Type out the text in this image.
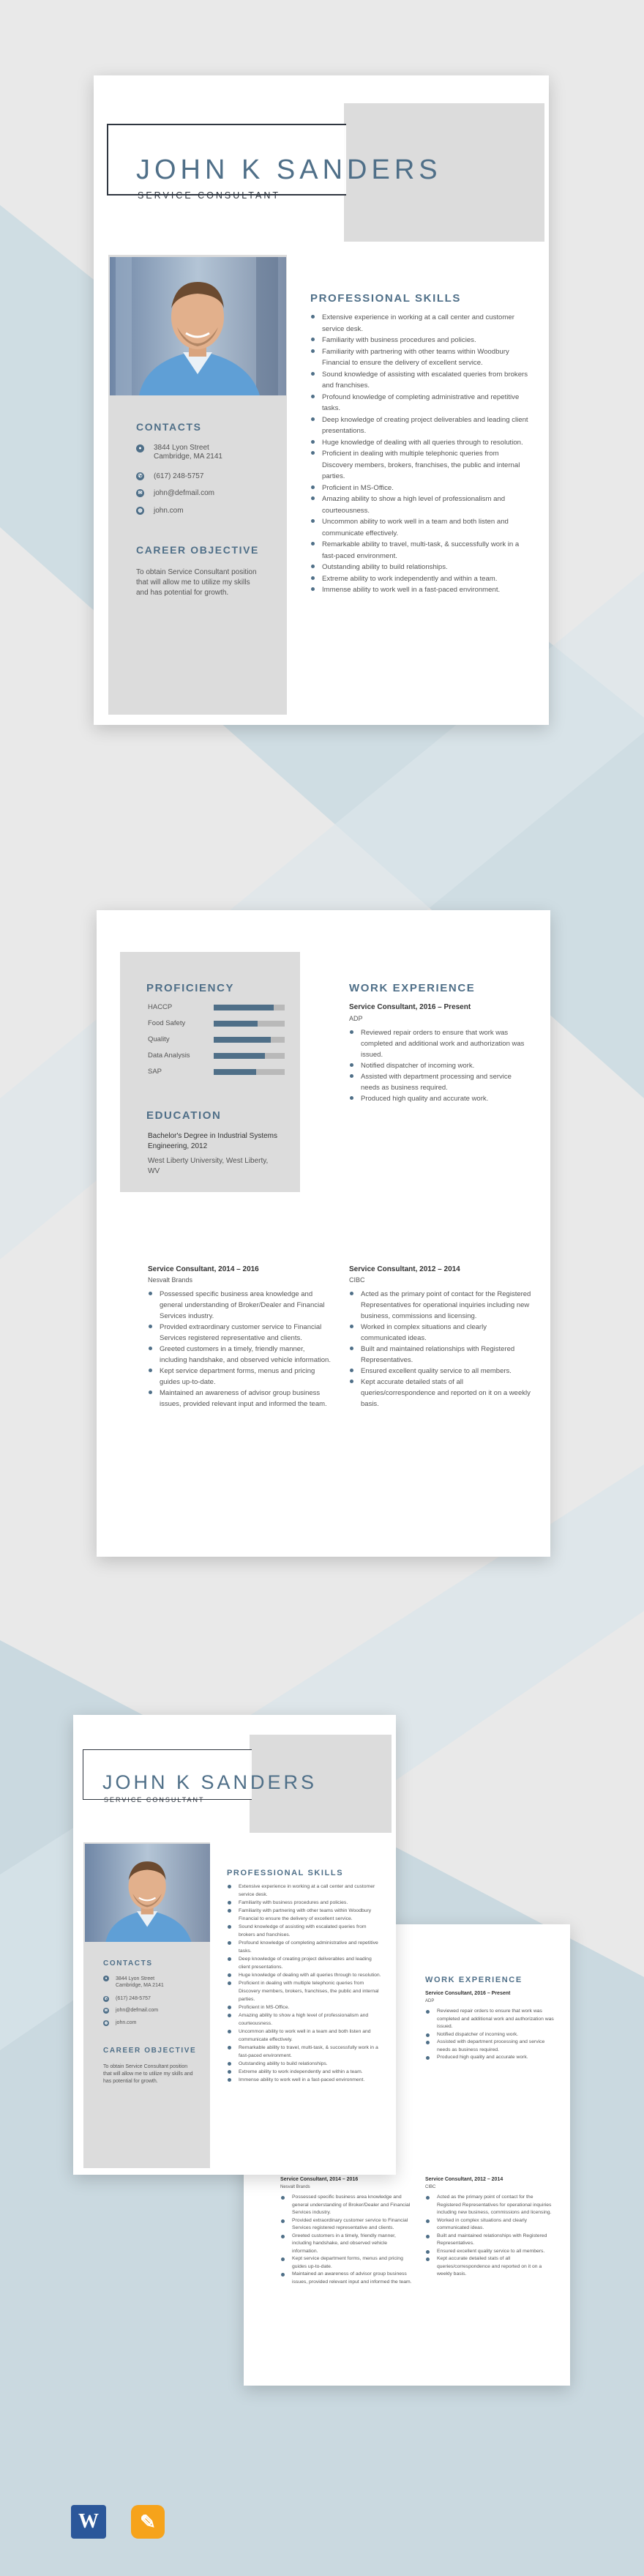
JOHN K SANDERS
SERVICE CONSULTANT
CONTACTS
●	3844 Lyon Street
Cambridge, MA 2141
✆ (617) 248-5757
✉ john@defmail.com
◍ john.com
CAREER OBJECTIVE
To obtain Service Consultant position that will allow me to utilize my skills and has potential for growth.
PROFESSIONAL SKILLS
Extensive experience in working at a call center and customer service desk.
Familiarity with business procedures and policies.
Familiarity with partnering with other teams within Woodbury Financial to ensure the delivery of excellent service.
Sound knowledge of assisting with escalated queries from brokers and franchises.
Profound knowledge of completing administrative and repetitive tasks.
Deep knowledge of creating project deliverables and leading client presentations.
Huge knowledge of dealing with all queries through to resolution.
Proficient in dealing with multiple telephonic queries from Discovery members, brokers, franchises, the public and internal parties.
Proficient in MS-Office.
Amazing ability to show a high level of professionalism and courteousness.
Uncommon ability to work well in a team and both listen and communicate effectively.
Remarkable ability to travel, multi-task, & successfully work in a fast-paced environment.
Outstanding ability to build relationships.
Extreme ability to work independently and within a team.
Immense ability to work well in a fast-paced environment.
PROFICIENCY
HACCP
Food Safety
Quality
Data Analysis
SAP
EDUCATION
Bachelor's Degree in Industrial Systems Engineering, 2012
West Liberty University, West Liberty, WV
WORK EXPERIENCE
Service Consultant, 2016 – Present
ADP
Reviewed repair orders to ensure that work was completed and additional work and authorization was issued.
Notified dispatcher of incoming work.
Assisted with department processing and service needs as business required.
Produced high quality and accurate work.
Service Consultant, 2014 – 2016
Nesvalt Brands
Possessed specific business area knowledge and general understanding of Broker/Dealer and Financial Services industry.
Provided extraordinary customer service to Financial Services registered representative and clients.
Greeted customers in a timely, friendly manner, including handshake, and observed vehicle information.
Kept service department forms, menus and pricing guides up-to-date.
Maintained an awareness of advisor group business issues, provided relevant input and informed the team.
Service Consultant, 2012 – 2014
CIBC
Acted as the primary point of contact for the Registered Representatives for operational inquiries including new business, commissions and licensing.
Worked in complex situations and clearly communicated ideas.
Built and maintained relationships with Registered Representatives.
Ensured excellent quality service to all members.
Kept accurate detailed stats of all queries/correspondence and reported on it on a weekly basis.
WORK EXPERIENCE
Service Consultant, 2016 – Present
ADP
Reviewed repair orders to ensure that work was completed and additional work and authorization was issued.
Notified dispatcher of incoming work.
Assisted with department processing and service needs as business required.
Produced high quality and accurate work.
Service Consultant, 2014 – 2016
Nesvalt Brands
Possessed specific business area knowledge and general understanding of Broker/Dealer and Financial Services industry.
Provided extraordinary customer service to Financial Services registered representative and clients.
Greeted customers in a timely, friendly manner, including handshake, and observed vehicle information.
Kept service department forms, menus and pricing guides up-to-date.
Maintained an awareness of advisor group business issues, provided relevant input and informed the team.
Service Consultant, 2012 – 2014
CIBC
Acted as the primary point of contact for the Registered Representatives for operational inquiries including new business, commissions and licensing.
Worked in complex situations and clearly communicated ideas.
Built and maintained relationships with Registered Representatives.
Ensured excellent quality service to all members.
Kept accurate detailed stats of all queries/correspondence and reported on it on a weekly basis.
JOHN K SANDERS
SERVICE CONSULTANT
CONTACTS
●	3844 Lyon Street
Cambridge, MA 2141
✆ (617) 248-5757
✉ john@defmail.com
◍ john.com
CAREER OBJECTIVE
To obtain Service Consultant position that will allow me to utilize my skills and has potential for growth.
PROFESSIONAL SKILLS
Extensive experience in working at a call center and customer service desk.
Familiarity with business procedures and policies.
Familiarity with partnering with other teams within Woodbury Financial to ensure the delivery of excellent service.
Sound knowledge of assisting with escalated queries from brokers and franchises.
Profound knowledge of completing administrative and repetitive tasks.
Deep knowledge of creating project deliverables and leading client presentations.
Huge knowledge of dealing with all queries through to resolution.
Proficient in dealing with multiple telephonic queries from Discovery members, brokers, franchises, the public and internal parties.
Proficient in MS-Office.
Amazing ability to show a high level of professionalism and courteousness.
Uncommon ability to work well in a team and both listen and communicate effectively.
Remarkable ability to travel, multi-task, & successfully work in a fast-paced environment.
Outstanding ability to build relationships.
Extreme ability to work independently and within a team.
Immense ability to work well in a fast-paced environment.
W	✎
